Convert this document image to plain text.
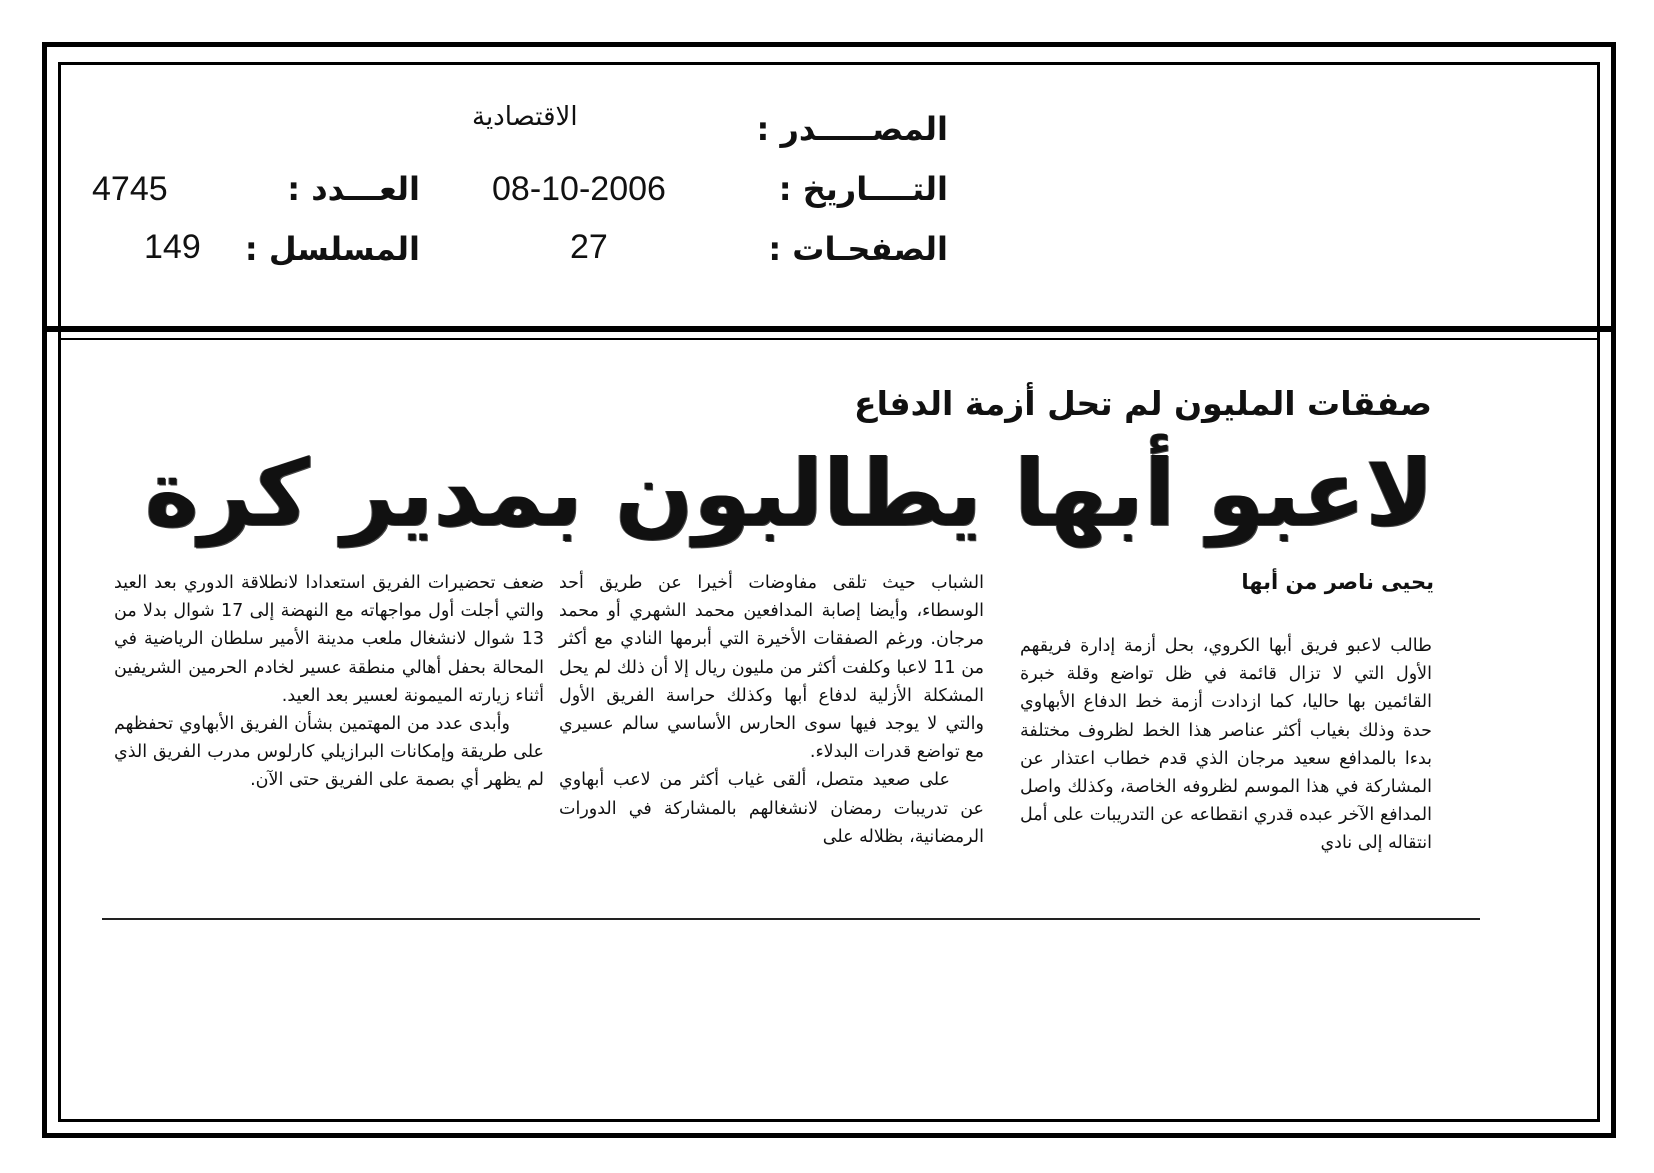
المصـــــدر :
الاقتصادية
التــــاريخ :
08-10-2006
الصفحـات :
27
العـــدد :
4745
المسلسل :
149
صفقات المليون لم تحل أزمة الدفاع
لاعبو أبها يطالبون بمدير كرة
يحيى ناصر من أبها

طالب لاعبو فريق أبها الكروي، بحل أزمة إدارة فريقهم الأول التي لا تزال قائمة في ظل تواضع وقلة خبرة القائمين بها حاليا، كما ازدادت أزمة خط الدفاع الأبهاوي حدة وذلك بغياب أكثر عناصر هذا الخط لظروف مختلفة بدءا بالمدافع سعيد مرجان الذي قدم خطاب اعتذار عن المشاركة في هذا الموسم لظروفه الخاصة، وكذلك واصل المدافع الآخر عبده قدري انقطاعه عن التدريبات على أمل انتقاله إلى نادي

الشباب حيث تلقى مفاوضات أخيرا عن طريق أحد الوسطاء، وأيضا إصابة المدافعين محمد الشهري أو محمد مرجان. ورغم الصفقات الأخيرة التي أبرمها النادي مع أكثر من 11 لاعبا وكلفت أكثر من مليون ريال إلا أن ذلك لم يحل المشكلة الأزلية لدفاع أبها وكذلك حراسة الفريق الأول والتي لا يوجد فيها سوى الحارس الأساسي سالم عسيري مع تواضع قدرات البدلاء.

على صعيد متصل، ألقى غياب أكثر من لاعب أبهاوي عن تدريبات رمضان لانشغالهم بالمشاركة في الدورات الرمضانية، بظلاله على

ضعف تحضيرات الفريق استعدادا لانطلاقة الدوري بعد العيد والتي أجلت أول مواجهاته مع النهضة إلى 17 شوال بدلا من 13 شوال لانشغال ملعب مدينة الأمير سلطان الرياضية في المحالة بحفل أهالي منطقة عسير لخادم الحرمين الشريفين أثناء زيارته الميمونة لعسير بعد العيد.

وأبدى عدد من المهتمين بشأن الفريق الأبهاوي تحفظهم على طريقة وإمكانات البرازيلي كارلوس مدرب الفريق الذي لم يظهر أي بصمة على الفريق حتى الآن.
